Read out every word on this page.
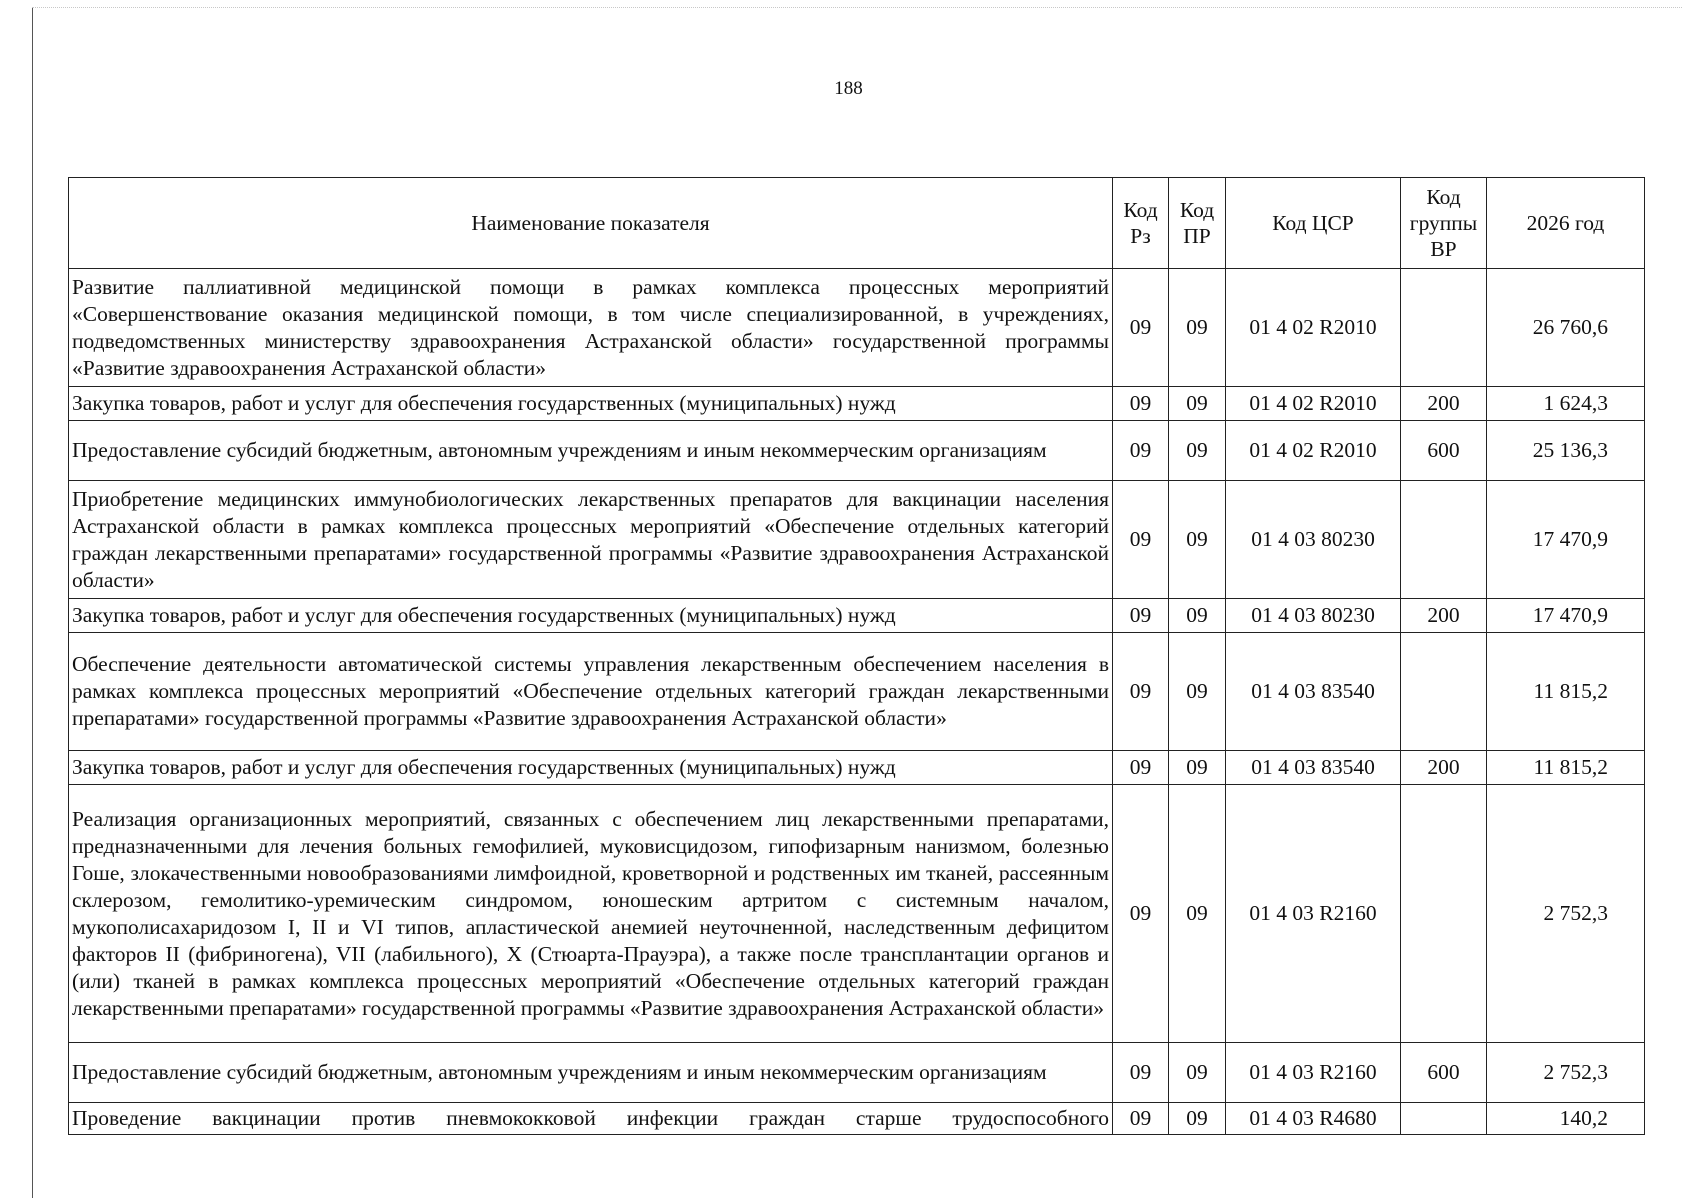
188
Наименование показателя	Код Рз	Код ПР	Код ЦСР	Код группы ВР	2026 год
Развитие паллиативной медицинской помощи в рамках комплекса процессных мероприятий «Совершенствование оказания медицинской помощи, в том числе специализированной, в учреждениях, подведомственных министерству здравоохранения Астраханской области» государственной программы «Развитие здравоохранения Астраханской области»	09	09	01 4 02 R2010		26 760,6
Закупка товаров, работ и услуг для обеспечения государственных (муниципальных) нужд	09	09	01 4 02 R2010	200	1 624,3
Предоставление субсидий бюджетным, автономным учреждениям и иным некоммерческим организациям	09	09	01 4 02 R2010	600	25 136,3
Приобретение медицинских иммунобиологических лекарственных препаратов для вакцинации населения Астраханской области в рамках комплекса процессных мероприятий «Обеспечение отдельных категорий граждан лекарственными препаратами» государственной программы «Развитие здравоохранения Астраханской области»	09	09	01 4 03 80230		17 470,9
Закупка товаров, работ и услуг для обеспечения государственных (муниципальных) нужд	09	09	01 4 03 80230	200	17 470,9
Обеспечение деятельности автоматической системы управления лекарственным обеспечением населения в рамках комплекса процессных мероприятий «Обеспечение отдельных категорий граждан лекарственными препаратами» государственной программы «Развитие здравоохранения Астраханской области»	09	09	01 4 03 83540		11 815,2
Закупка товаров, работ и услуг для обеспечения государственных (муниципальных) нужд	09	09	01 4 03 83540	200	11 815,2
Реализация организационных мероприятий, связанных с обеспечением лиц лекарственными препаратами, предназначенными для лечения больных гемофилией, муковисцидозом, гипофизарным нанизмом, болезнью Гоше, злокачественными новообразованиями лимфоидной, кроветворной и родственных им тканей, рассеянным склерозом, гемолитико-уремическим синдромом, юношеским артритом с системным началом, мукополисахаридозом I, II и VI типов, апластической анемией неуточненной, наследственным дефицитом факторов II (фибриногена), VII (лабильного), X (Стюарта-Прауэра), а также после трансплантации органов и (или) тканей в рамках комплекса процессных мероприятий «Обеспечение отдельных категорий граждан лекарственными препаратами» государственной программы «Развитие здравоохранения Астраханской области»	09	09	01 4 03 R2160		2 752,3
Предоставление субсидий бюджетным, автономным учреждениям и иным некоммерческим организациям	09	09	01 4 03 R2160	600	2 752,3
Проведение вакцинации против пневмококковой инфекции граждан старше трудоспособного	09	09	01 4 03 R4680		140,2
